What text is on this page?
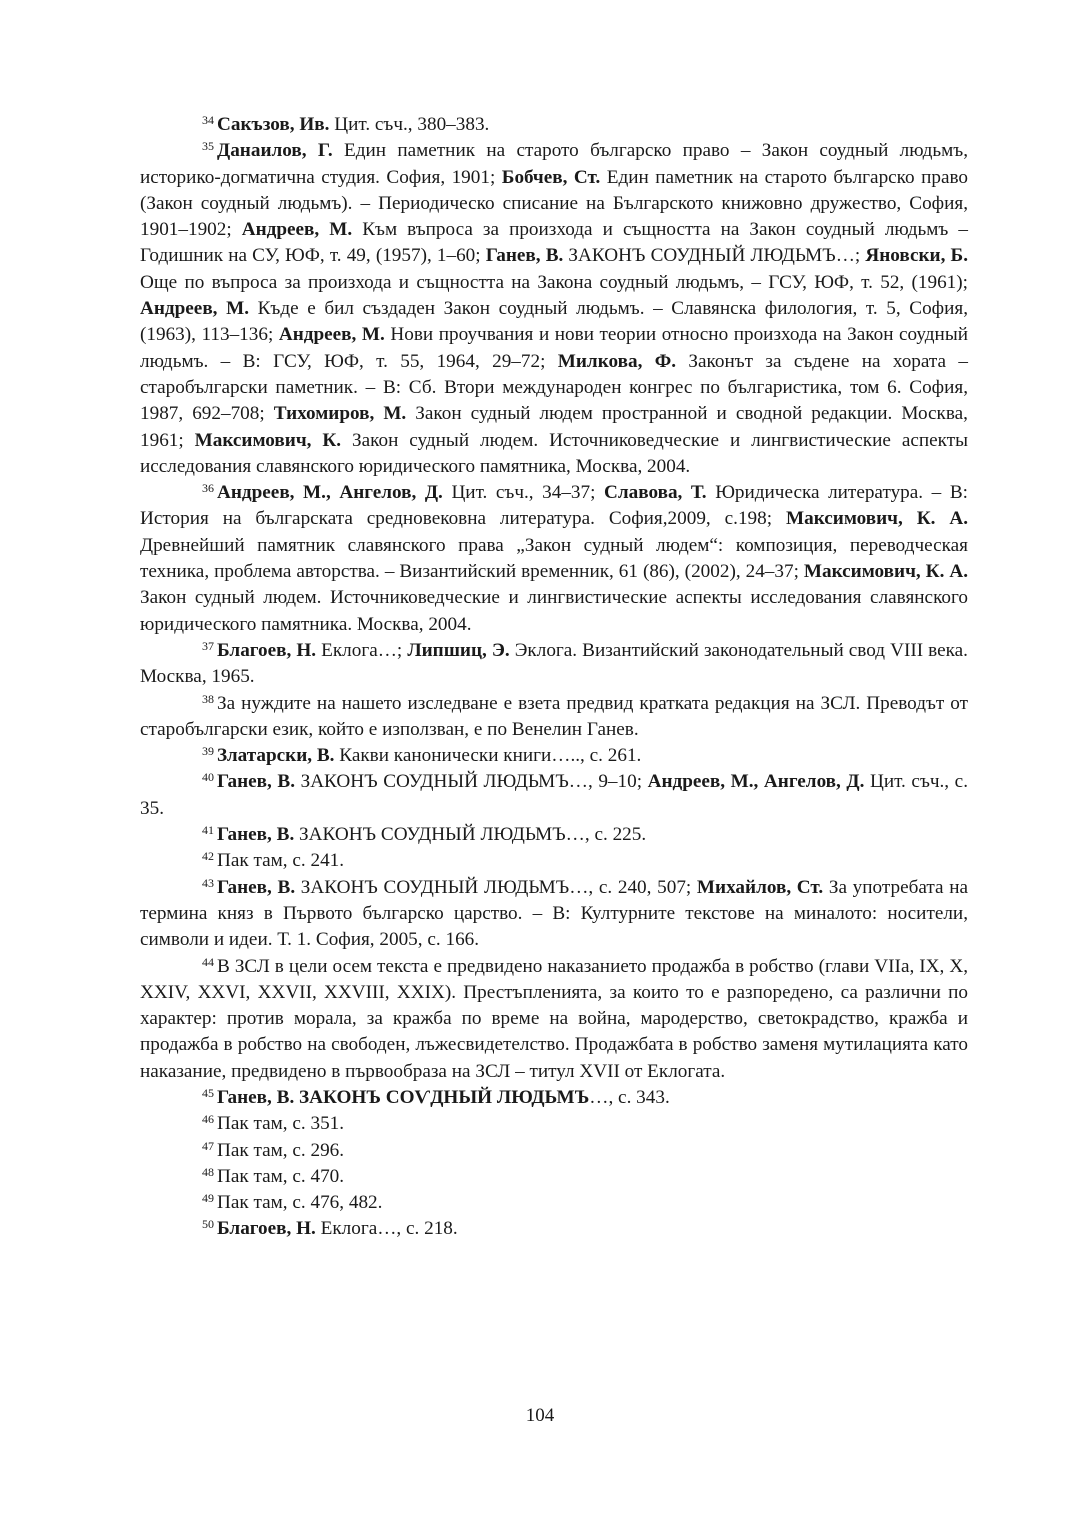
$^{34}$ Сакъзов, Ив. Цит. съч., 380–383.

$^{35}$ Данаилов, Г. Един паметник на старото българско право – Закон соудный людьмъ, историко-догматична студия. София, 1901; Бобчев, Ст. Един паметник на старото българско право (Закон соудный людьмъ). – Периодическо списание на Българското книжовно дружество, София, 1901–1902; Андреев, М. Към въпроса за произхода и същността на Закон соудный людьмъ – Годишник на СУ, ЮФ, т. 49, (1957), 1–60; Ганев, В. ЗАКОНЪ СОУДНЫЙ ЛЮДЬМЪ…; Яновски, Б. Още по въпроса за произхода и същността на Закона соудный людьмъ, – ГСУ, ЮФ, т. 52, (1961); Андреев, М. Къде е бил създаден Закон соудный людьмъ. – Славянска филология, т. 5, София, (1963), 113–136; Андреев, М. Нови проучвания и нови теории относно произхода на Закон соудный людьмъ. – В: ГСУ, ЮФ, т. 55, 1964, 29–72; Милкова, Ф. Законът за съдене на хората – старобългарски паметник. – В: Сб. Втори международен конгрес по българистика, том 6. София, 1987, 692–708; Тихомиров, М. Закон судный людем пространной и сводной редакции. Москва, 1961; Максимович, К. Закон судный людем. Источниковедческие и лингвистические аспекты исследования славянского юридического памятника, Москва, 2004.

$^{36}$ Андреев, М., Ангелов, Д. Цит. съч., 34–37; Славова, Т. Юридическа литература. – В: История на българската средновековна литература. София,2009, с.198; Максимович, К. А. Древнейший памятник славянского права „Закон судный людем“: композиция, переводческая техника, проблема авторства. – Византийский временник, 61 (86), (2002), 24–37; Максимович, К. А. Закон судный людем. Источниковедческие и лингвистические аспекты исследования славянского юридического памятника. Москва, 2004.

$^{37}$ Благоев, Н. Еклога…; Липшиц, Э. Эклога. Византийский законодательный свод VIII века. Москва, 1965.

$^{38}$ За нуждите на нашето изследване е взета предвид кратката редакция на ЗСЛ. Преводът от старобългарски език, който е използван, е по Венелин Ганев.

$^{39}$ Златарски, В. Какви канонически книги….., с. 261.

$^{40}$ Ганев, В. ЗАКОНЪ СОУДНЫЙ ЛЮДЬМЪ…, 9–10; Андреев, М., Ангелов, Д. Цит. съч., с. 35.

$^{41}$ Ганев, В. ЗАКОНЪ СОУДНЫЙ ЛЮДЬМЪ…, с. 225.

$^{42}$ Пак там, с. 241.

$^{43}$ Ганев, В. ЗАКОНЪ СОУДНЫЙ ЛЮДЬМЪ…, с. 240, 507; Михайлов, Ст. За употребата на термина княз в Първото българско царство. – В: Културните текстове на миналото: носители, символи и идеи. Т. 1. София, 2005, с. 166.

$^{44}$ В ЗСЛ в цели осем текста е предвидено наказанието продажба в робство (глави VIIа, IX, X, XXIV, XXVI, XXVII, XXVIII, XXIX). Престъпленията, за които то е разпоредено, са различни по характер: против морала, за кражба по време на война, мародерство, светокрадство, кражба и продажба в робство на свободен, лъжесвидетелство. Продажбата в робство заменя мутилацията като наказание, предвидено в първообраза на ЗСЛ – титул XVII от Еклогата.

$^{45}$ Ганев, В. ЗАКОНЪ СОѴДНЫЙ ЛЮДЬМЪ…, с. 343.

$^{46}$ Пак там, с. 351.

$^{47}$ Пак там, с. 296.

$^{48}$ Пак там, с. 470.

$^{49}$ Пак там, с. 476, 482.

$^{50}$ Благоев, Н. Еклога…, с. 218.

104
